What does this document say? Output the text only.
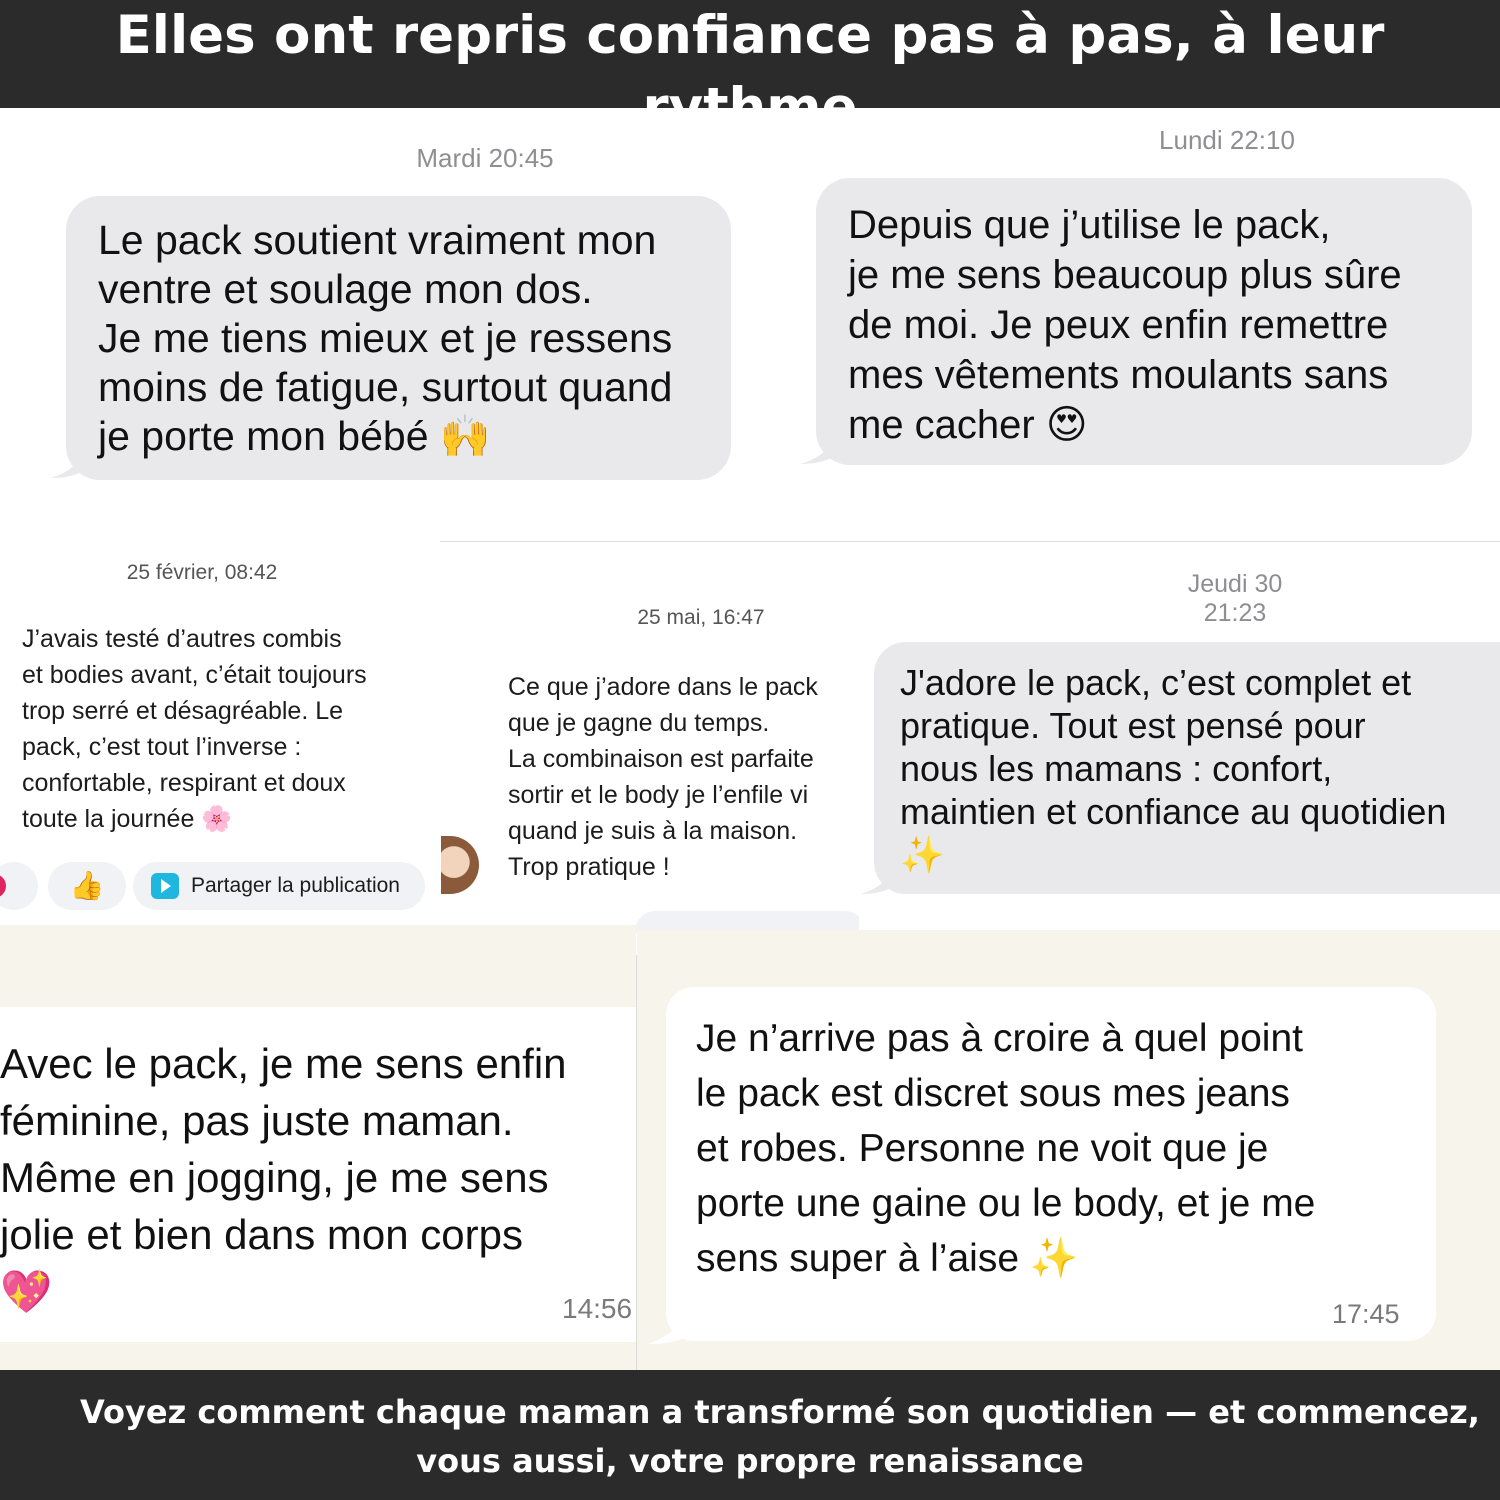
Elles ont repris confiance pas à pas, à leur rythme
Mardi 20:45
Le pack soutient vraiment mon
ventre et soulage mon dos.
Je me tiens mieux et je ressens
moins de fatigue, surtout quand
je porte mon bébé 🙌
Lundi 22:10
Depuis que j’utilise le pack,
je me sens beaucoup plus sûre
de moi. Je peux enfin remettre
mes vêtements moulants sans
me cacher 😍
25 février, 08:42
J’avais testé d’autres combis
et bodies avant, c’était toujours
trop serré et désagréable. Le
pack, c’est tout l’inverse :
confortable, respirant et doux
toute la journée 🌸
👍	Partager la publication
25 mai, 16:47
Ce que j’adore dans le pack
que je gagne du temps.
La combinaison est parfaite
sortir et le body je l’enfile vi
quand je suis à la maison.
Trop pratique !
Jeudi 30
21:23
J'adore le pack, c’est complet et
pratique. Tout est pensé pour
nous les mamans : confort,
maintien et confiance au quotidien
✨
Avec le pack, je me sens enfin
féminine, pas juste maman.
Même en jogging, je me sens
jolie et bien dans mon corps
💖	14:56
Je n’arrive pas à croire à quel point
le pack est discret sous mes jeans
et robes. Personne ne voit que je
porte une gaine ou le body, et je me
sens super à l’aise ✨
17:45
Voyez comment chaque maman a transformé son quotidien — et commencez,
vous aussi, votre propre renaissance
